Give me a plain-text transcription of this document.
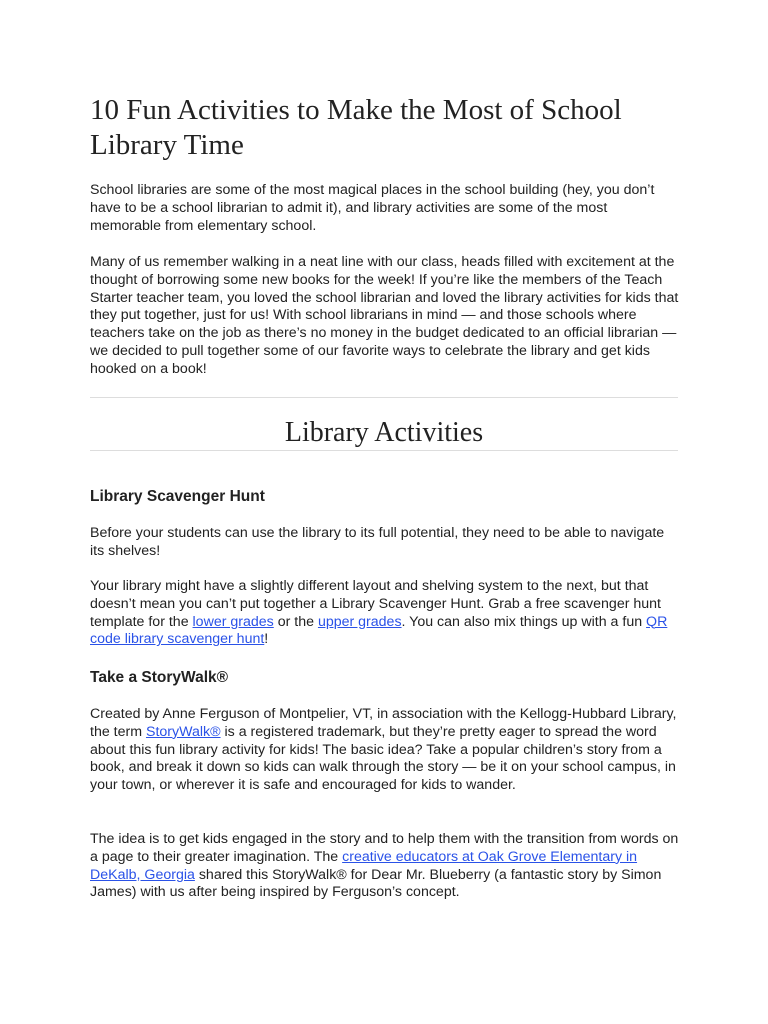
10 Fun Activities to Make the Most of School Library Time

School libraries are some of the most magical places in the school building (hey, you don’t have to be a school librarian to admit it), and library activities are some of the most memorable from elementary school.

Many of us remember walking in a neat line with our class, heads filled with excitement at the thought of borrowing some new books for the week! If you’re like the members of the Teach Starter teacher team, you loved the school librarian and loved the library activities for kids that they put together, just for us! With school librarians in mind — and those schools where teachers take on the job as there’s no money in the budget dedicated to an official librarian — we decided to pull together some of our favorite ways to celebrate the library and get kids hooked on a book!

Library Activities
Library Scavenger Hunt

Before your students can use the library to its full potential, they need to be able to navigate its shelves!

Your library might have a slightly different layout and shelving system to the next, but that doesn’t mean you can’t put together a Library Scavenger Hunt. Grab a free scavenger hunt template for the lower grades or the upper grades. You can also mix things up with a fun QR code library scavenger hunt!

Take a StoryWalk®

Created by Anne Ferguson of Montpelier, VT, in association with the Kellogg-Hubbard Library, the term StoryWalk® is a registered trademark, but they’re pretty eager to spread the word about this fun library activity for kids! The basic idea? Take a popular children’s story from a book, and break it down so kids can walk through the story — be it on your school campus, in your town, or wherever it is safe and encouraged for kids to wander.

The idea is to get kids engaged in the story and to help them with the transition from words on a page to their greater imagination. The creative educators at Oak Grove Elementary in DeKalb, Georgia shared this StoryWalk® for Dear Mr. Blueberry (a fantastic story by Simon James) with us after being inspired by Ferguson’s concept.
